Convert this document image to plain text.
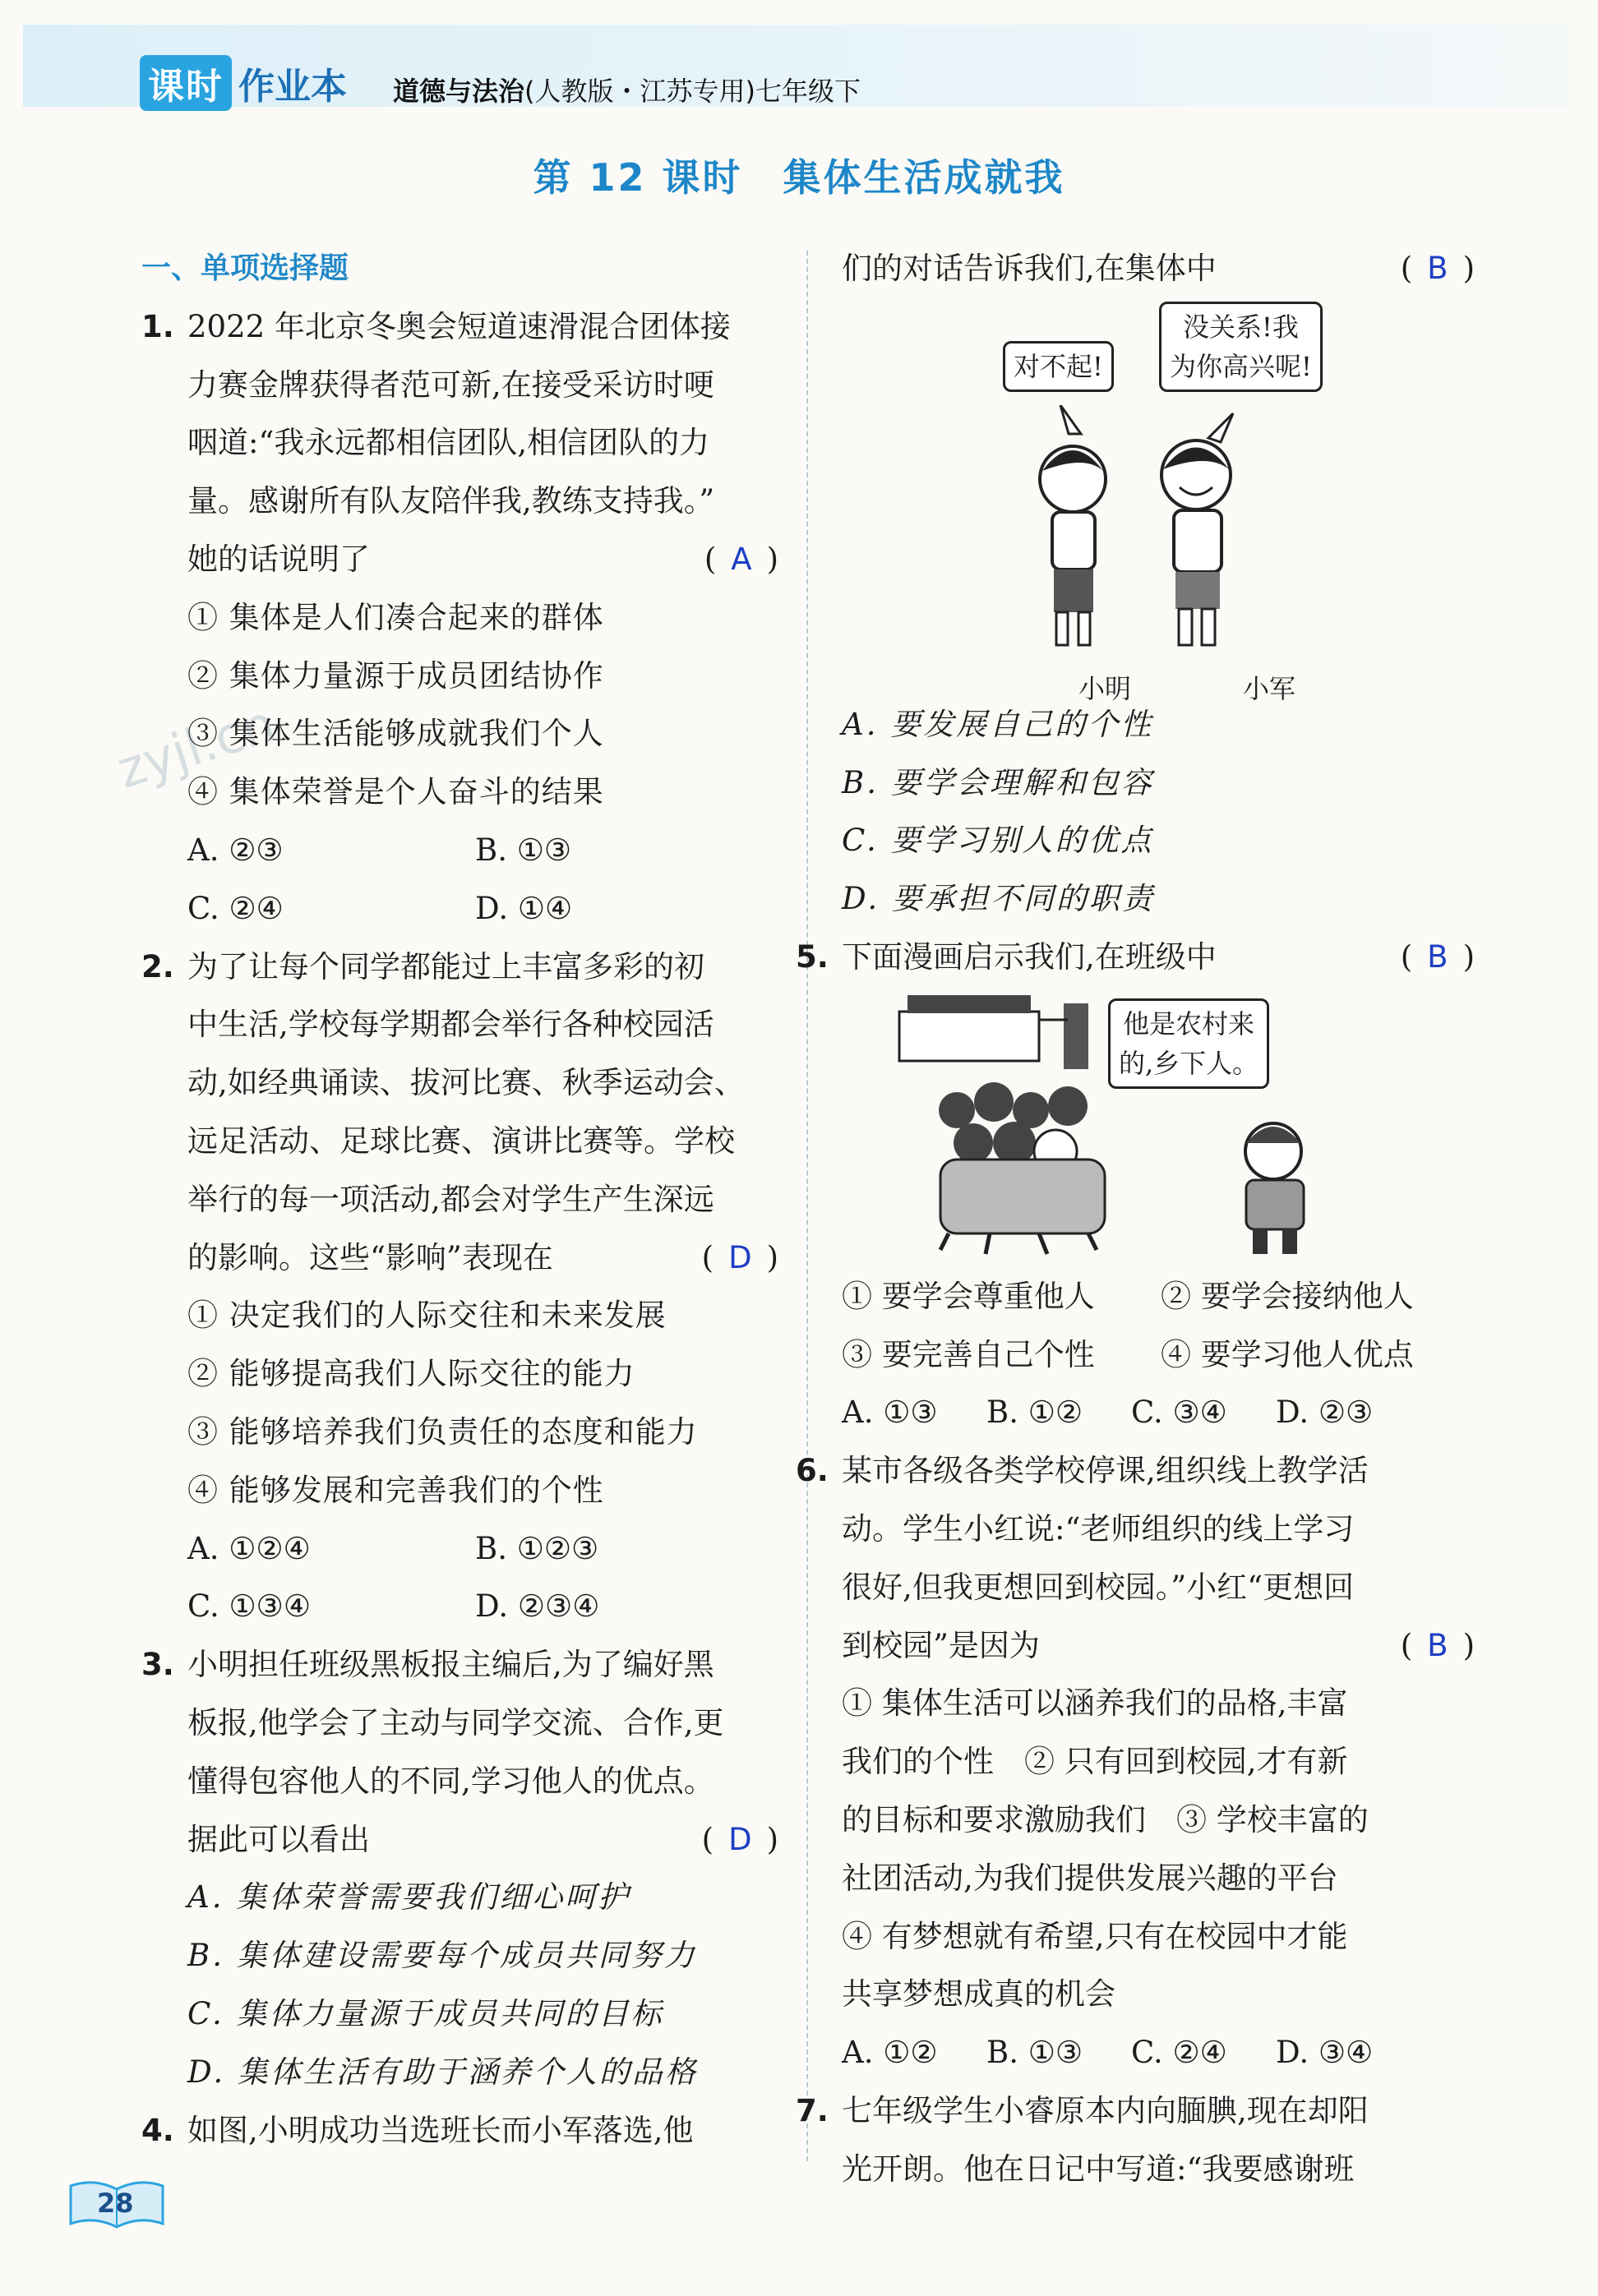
课时 作业本 道德与法治(人教版・江苏专用)七年级下
第 12 课时　集体生活成就我
zyjl.cn
一、单项选择题
1. 2022 年北京冬奥会短道速滑混合团体接
力赛金牌获得者范可新,在接受采访时哽
咽道:“我永远都相信团队,相信团队的力
量。感谢所有队友陪伴我,教练支持我。”
她的话说明了	( A )
① 集体是人们凑合起来的群体
② 集体力量源于成员团结协作
③ 集体生活能够成就我们个人
④ 集体荣誉是个人奋斗的结果
A. ②③	B. ①③
C. ②④	D. ①④
2. 为了让每个同学都能过上丰富多彩的初
中生活,学校每学期都会举行各种校园活
动,如经典诵读、拔河比赛、秋季运动会、
远足活动、足球比赛、演讲比赛等。学校
举行的每一项活动,都会对学生产生深远
的影响。这些“影响”表现在	( D )
① 决定我们的人际交往和未来发展
② 能够提高我们人际交往的能力
③ 能够培养我们负责任的态度和能力
④ 能够发展和完善我们的个性
A. ①②④	B. ①②③
C. ①③④	D. ②③④
3. 小明担任班级黑板报主编后,为了编好黑
板报,他学会了主动与同学交流、合作,更
懂得包容他人的不同,学习他人的优点。
据此可以看出	( D )
A. 集体荣誉需要我们细心呵护
B. 集体建设需要每个成员共同努力
C. 集体力量源于成员共同的目标
D. 集体生活有助于涵养个人的品格
4. 如图,小明成功当选班长而小军落选,他
们的对话告诉我们,在集体中	( B )
对不起!
没关系!我
为你高兴呢!
小明	小军
A. 要发展自己的个性
B. 要学会理解和包容
C. 要学习别人的优点
D. 要承担不同的职责
5. 下面漫画启示我们,在班级中	( B )
他是农村来
的,乡下人。
① 要学会尊重他人	② 要学会接纳他人
③ 要完善自己个性	④ 要学习他人优点
A. ①③	B. ①②	C. ③④	D. ②③
6. 某市各级各类学校停课,组织线上教学活
动。学生小红说:“老师组织的线上学习
很好,但我更想回到校园。”小红“更想回
到校园”是因为	( B )
① 集体生活可以涵养我们的品格,丰富
我们的个性　② 只有回到校园,才有新
的目标和要求激励我们　③ 学校丰富的
社团活动,为我们提供发展兴趣的平台
④ 有梦想就有希望,只有在校园中才能
共享梦想成真的机会
A. ①②	B. ①③	C. ②④	D. ③④
7. 七年级学生小睿原本内向腼腆,现在却阳
光开朗。他在日记中写道:“我要感谢班
28
